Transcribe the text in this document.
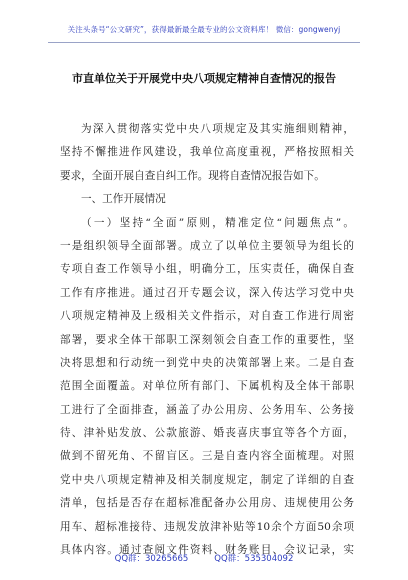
关注头条号“公文研究”，获得最新最全最专业的公文资料库！ 微信：gongwenyj
市直单位关于开展党中央八项规定精神自查情况的报告
为深入贯彻落实党中央八项规定及其实施细则精神，
坚持不懈推进作风建设，我单位高度重视，严格按照相关
要求，全面开展自查自纠工作。现将自查情况报告如下。
一、工作开展情况
（一）坚持“全面”原则，精准定位“问题焦点”。
一是组织领导全面部署。成立了以单位主要领导为组长的
专项自查工作领导小组，明确分工，压实责任，确保自查
工作有序推进。通过召开专题会议，深入传达学习党中央
八项规定精神及上级相关文件指示，对自查工作进行周密
部署，要求全体干部职工深刻领会自查工作的重要性，坚
决将思想和行动统一到党中央的决策部署上来。二是自查
范围全面覆盖。对单位所有部门、下属机构及全体干部职
工进行了全面排查，涵盖了办公用房、公务用车、公务接
待、津补贴发放、公款旅游、婚丧喜庆事宜等各个方面，
做到不留死角、不留盲区。三是自查内容全面梳理。对照
党中央八项规定精神及相关制度规定，制定了详细的自查
清单，包括是否存在超标准配备办公用房、违规使用公务
用车、超标准接待、违规发放津补贴等10余个方面50余项
具体内容。通过查阅文件资料、财务账目、会议记录，实
QQ群：30265665	QQ群：535304092
